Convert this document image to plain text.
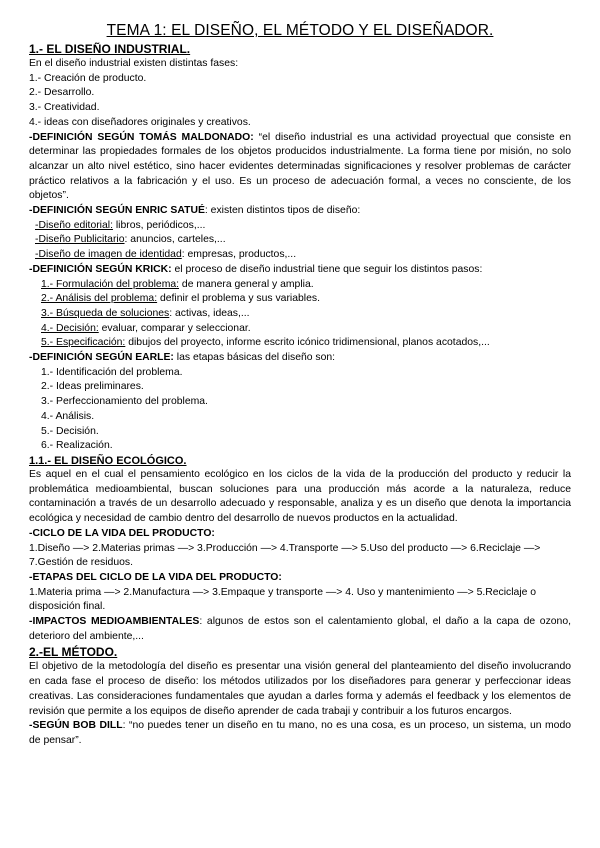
TEMA 1: EL DISEÑO, EL MÉTODO Y EL DISEÑADOR.

1.- EL DISEÑO INDUSTRIAL.

En el diseño industrial existen distintas fases:

1.- Creación de producto.

2.- Desarrollo.

3.- Creatividad.

4.- ideas con diseñadores originales y creativos.

-DEFINICIÓN SEGÚN TOMÁS MALDONADO: “el diseño industrial es una actividad proyectual que consiste en determinar las propiedades formales de los objetos producidos industrialmente. La forma tiene por misión, no solo alcanzar un alto nivel estético, sino hacer evidentes determinadas significaciones y resolver problemas de carácter práctico relativos a la fabricación y el uso. Es un proceso de adecuación formal, a veces no consciente, de los objetos”.

-DEFINICIÓN SEGÚN ENRIC SATUÉ: existen distintos tipos de diseño:

-Diseño editorial: libros, periódicos,...

-Diseño Publicitario: anuncios, carteles,...

-Diseño de imagen de identidad: empresas, productos,...

-DEFINICIÓN SEGÚN KRICK: el proceso de diseño industrial tiene que seguir los distintos pasos:

1.- Formulación del problema: de manera general y amplia.

2.- Análisis del problema: definir el problema y sus variables.

3.- Búsqueda de soluciones: activas, ideas,...

4.- Decisión: evaluar, comparar y seleccionar.

5.- Especificación: dibujos del proyecto, informe escrito icónico tridimensional, planos acotados,...

-DEFINICIÓN SEGÚN EARLE: las etapas básicas del diseño son:

1.- Identificación del problema.

2.- Ideas preliminares.

3.- Perfeccionamiento del problema.

4.- Análisis.

5.- Decisión.

6.- Realización.

1.1.- EL DISEÑO ECOLÓGICO.

Es aquel en el cual el pensamiento ecológico en los ciclos de la vida de la producción del producto y reducir la problemática medioambiental, buscan soluciones para una producción más acorde a la naturaleza, reduce contaminación a través de un desarrollo adecuado y responsable, analiza y es un diseño que denota la importancia ecológica y necesidad de cambio dentro del desarrollo de nuevos productos en la actualidad.

-CICLO DE LA VIDA DEL PRODUCTO:

1.Diseño —> 2.Materias primas —> 3.Producción —> 4.Transporte —> 5.Uso del producto —> 6.Reciclaje —> 7.Gestión de residuos.

-ETAPAS DEL CICLO DE LA VIDA DEL PRODUCTO:

1.Materia prima —> 2.Manufactura —> 3.Empaque y transporte —> 4. Uso y mantenimiento —> 5.Reciclaje o disposición final.

-IMPACTOS MEDIOAMBIENTALES: algunos de estos son el calentamiento global, el daño a la capa de ozono, deterioro del ambiente,...

2.-EL MÉTODO.

El objetivo de la metodología del diseño es presentar una visión general del planteamiento del diseño involucrando en cada fase el proceso de diseño: los métodos utilizados por los diseñadores para generar y perfeccionar ideas creativas. Las consideraciones fundamentales que ayudan a darles forma y además el feedback y los elementos de revisión que permite a los equipos de diseño aprender de cada trabaji y contribuir a los futuros encargos.

-SEGÚN BOB DILL: “no puedes tener un diseño en tu mano, no es una cosa, es un proceso, un sistema, un modo de pensar”.
